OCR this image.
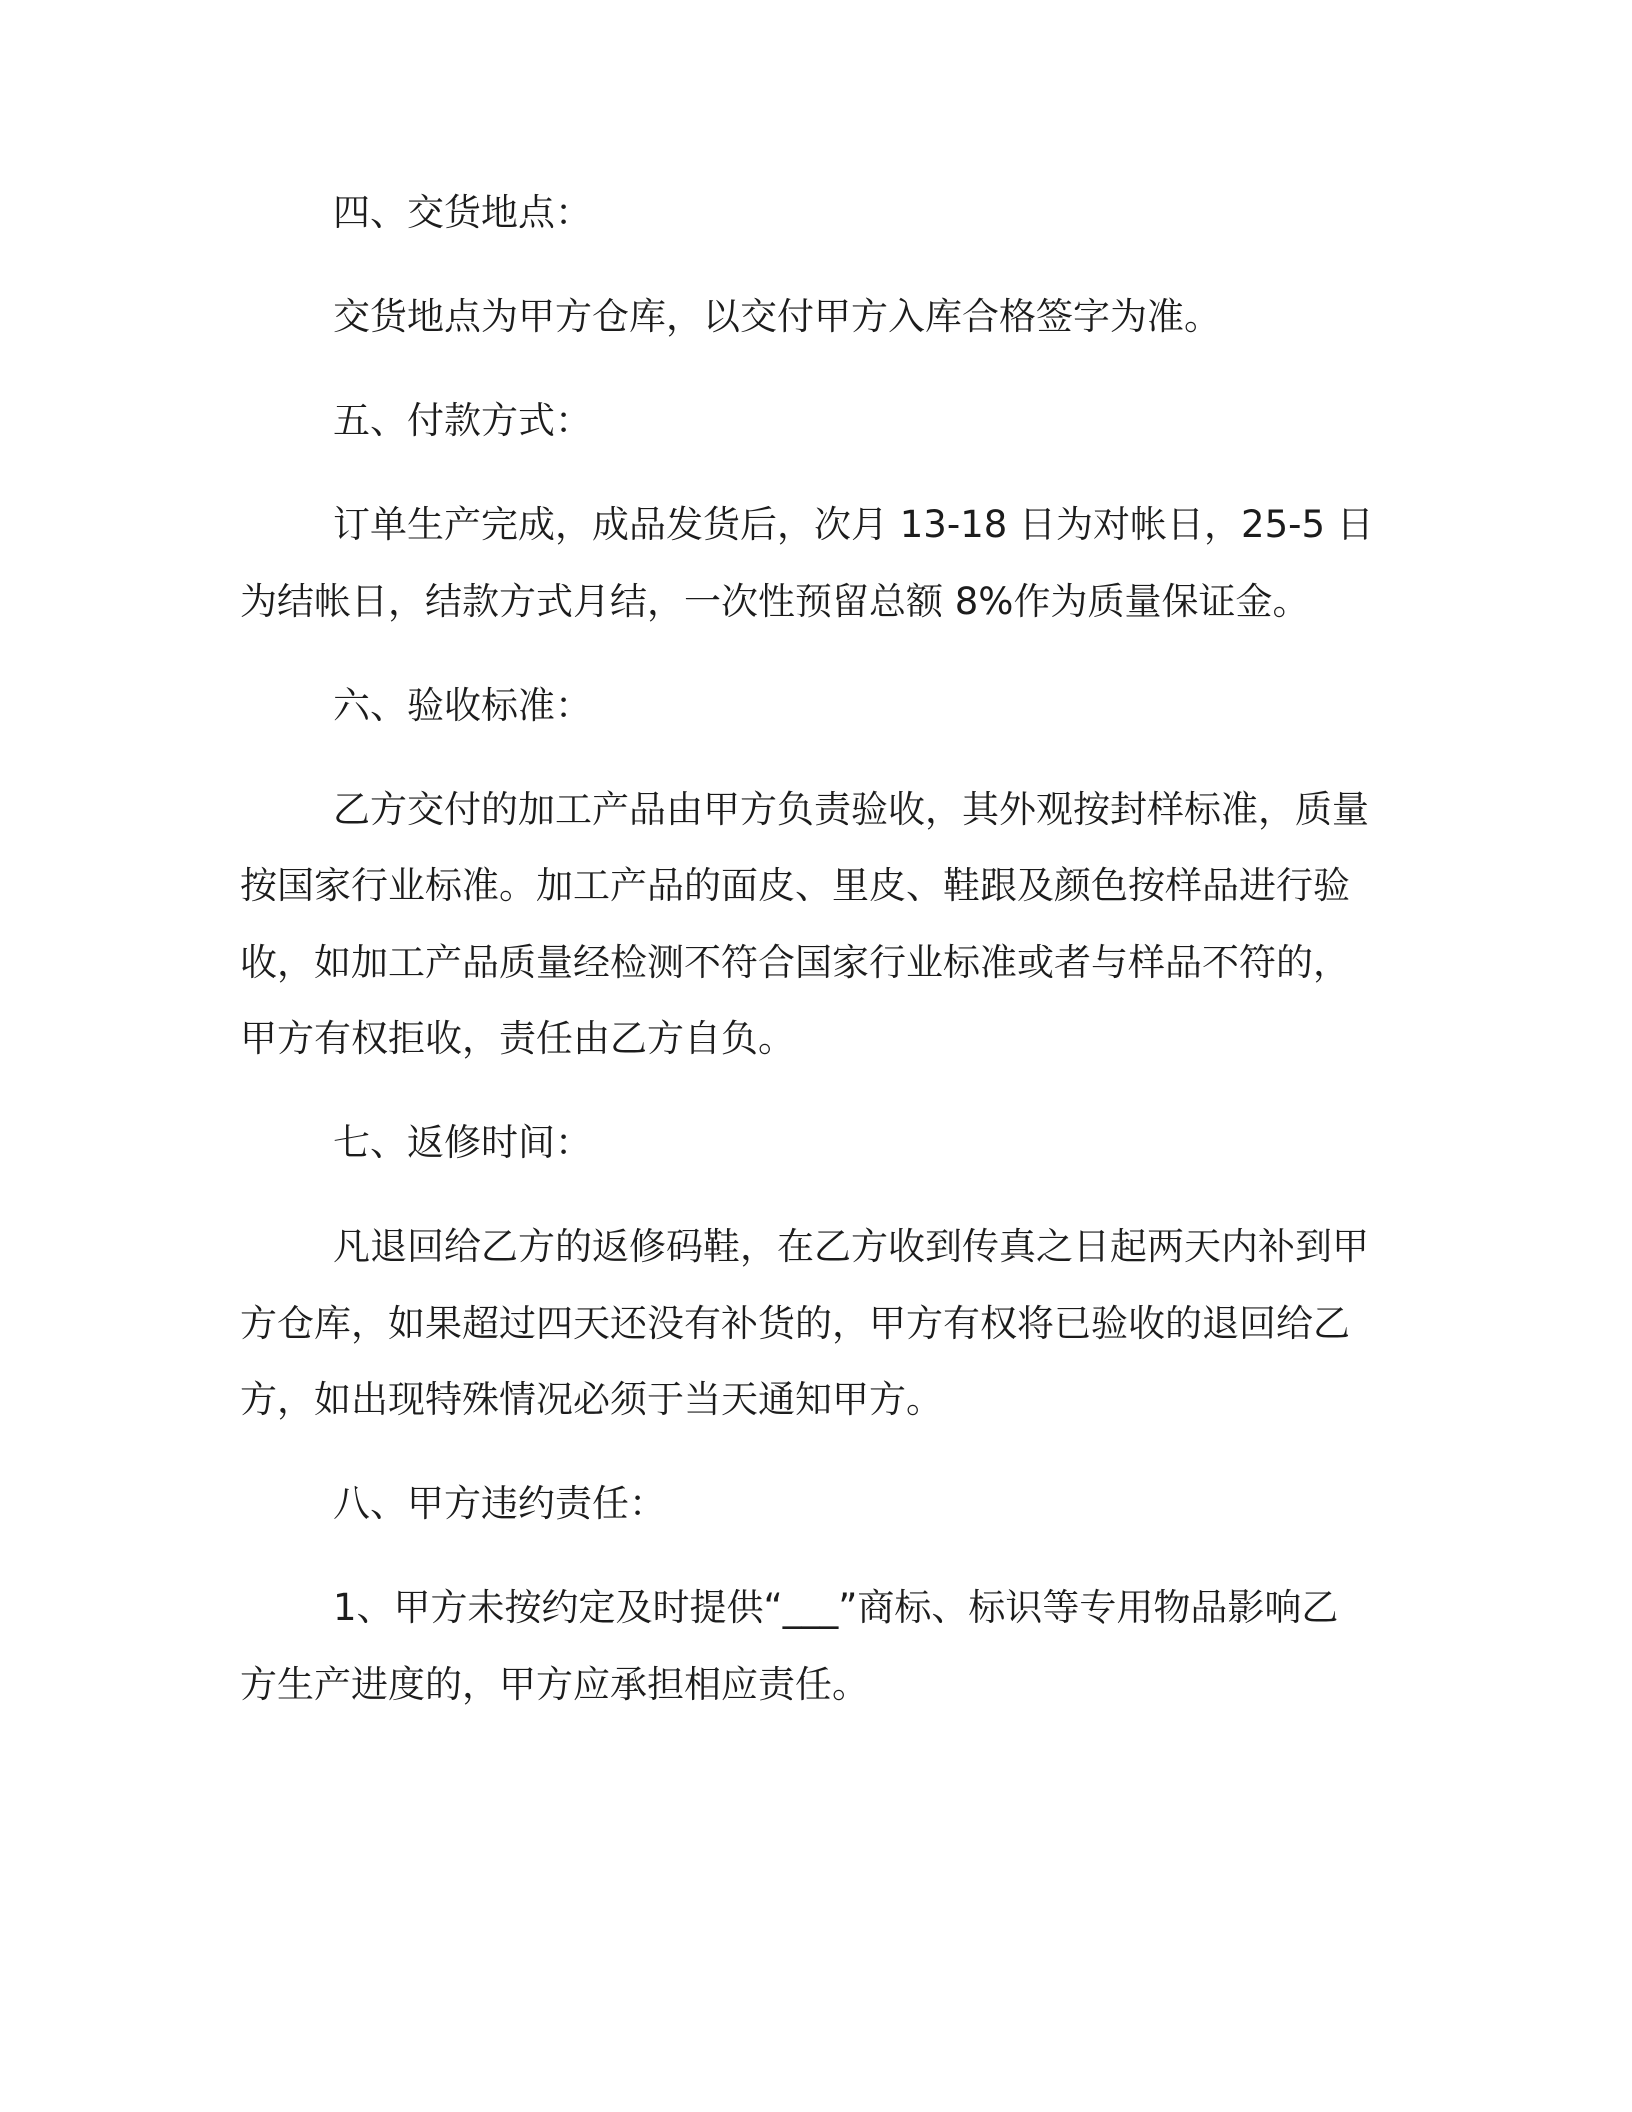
四、交货地点：
交货地点为甲方仓库，以交付甲方入库合格签字为准。
五、付款方式：
订单生产完成，成品发货后，次月 13-18 日为对帐日，25-5 日
为结帐日，结款方式月结，一次性预留总额 8%作为质量保证金。
六、验收标准：
乙方交付的加工产品由甲方负责验收，其外观按封样标准，质量
按国家行业标准。加工产品的面皮、里皮、鞋跟及颜色按样品进行验
收，如加工产品质量经检测不符合国家行业标准或者与样品不符的，
甲方有权拒收，责任由乙方自负。
七、返修时间：
凡退回给乙方的返修码鞋，在乙方收到传真之日起两天内补到甲
方仓库，如果超过四天还没有补货的，甲方有权将已验收的退回给乙
方，如出现特殊情况必须于当天通知甲方。
八、甲方违约责任：
1、甲方未按约定及时提供“___”商标、标识等专用物品影响乙
方生产进度的，甲方应承担相应责任。
